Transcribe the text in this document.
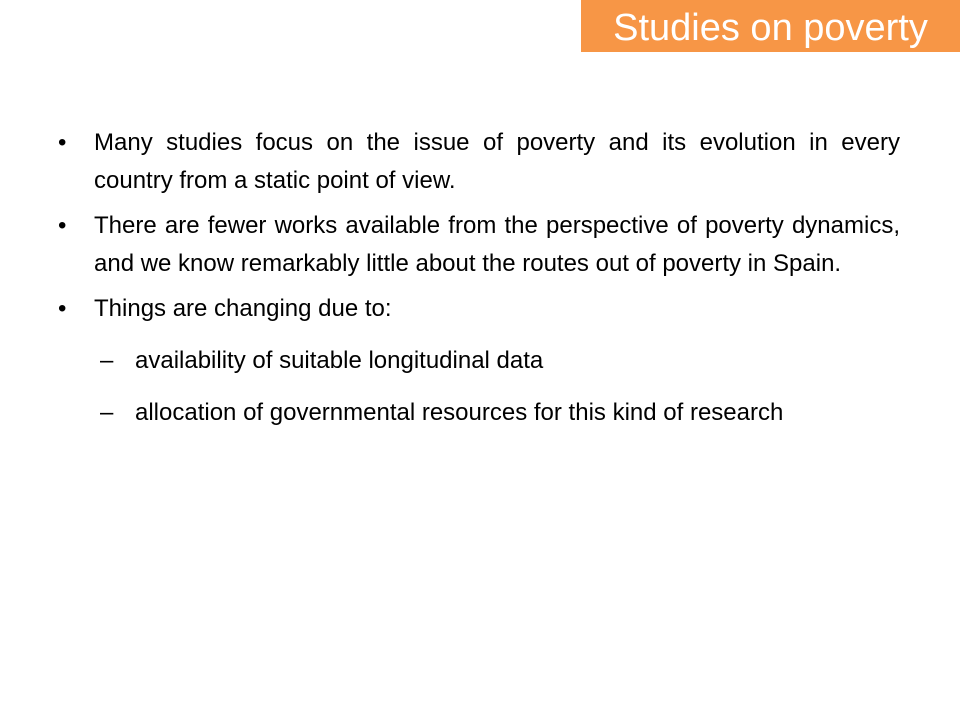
Studies on poverty
• Many studies focus on the issue of poverty and its evolution in every country from a static point of view.
• There are fewer works available from the perspective of poverty dynamics, and we know remarkably little about the routes out of poverty in Spain.
• Things are changing due to:
– availability of suitable longitudinal data
– allocation of governmental resources for this kind of research
